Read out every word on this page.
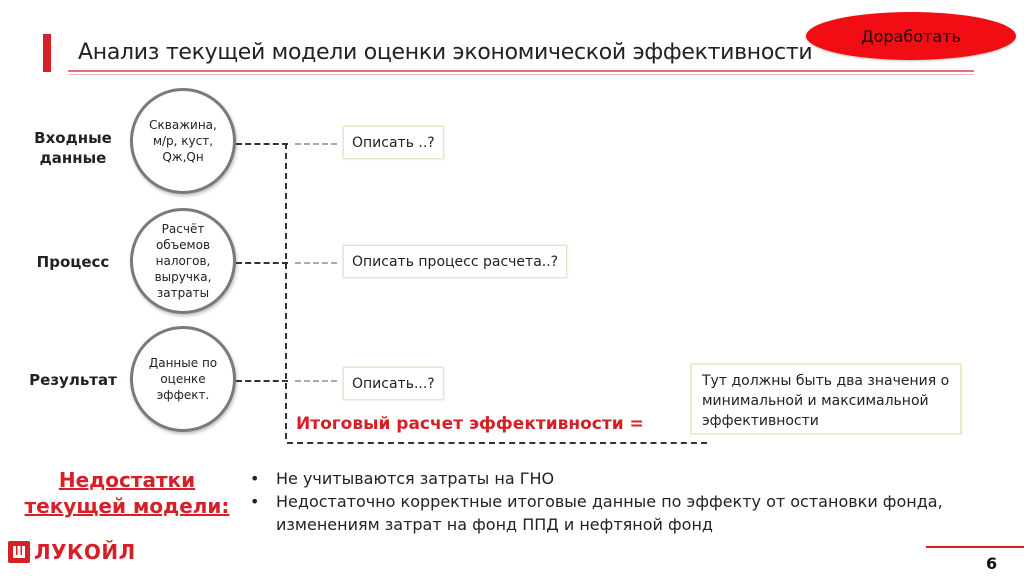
Анализ текущей модели оценки экономической эффективности
Доработать
Входные
данные
Процесс
Результат
Скважина,
м/р, куст,
Qж,Qн
Расчёт
объемов
налогов,
выручка,
затраты
Данные по
оценке
эффект.
Описать ..?
Описать процесс расчета..?
Описать...?	Тут должны быть два значения о минимальной и максимальной эффективности
Итоговый расчет эффективности =
Недостатки
текущей модели:
•	Не учитываются затраты на ГНО
•	Недостаточно корректные итоговые данные по эффекту от остановки фонда, изменениям затрат на фонд ППД и нефтяной фонд
ЛУКОЙЛ	6
